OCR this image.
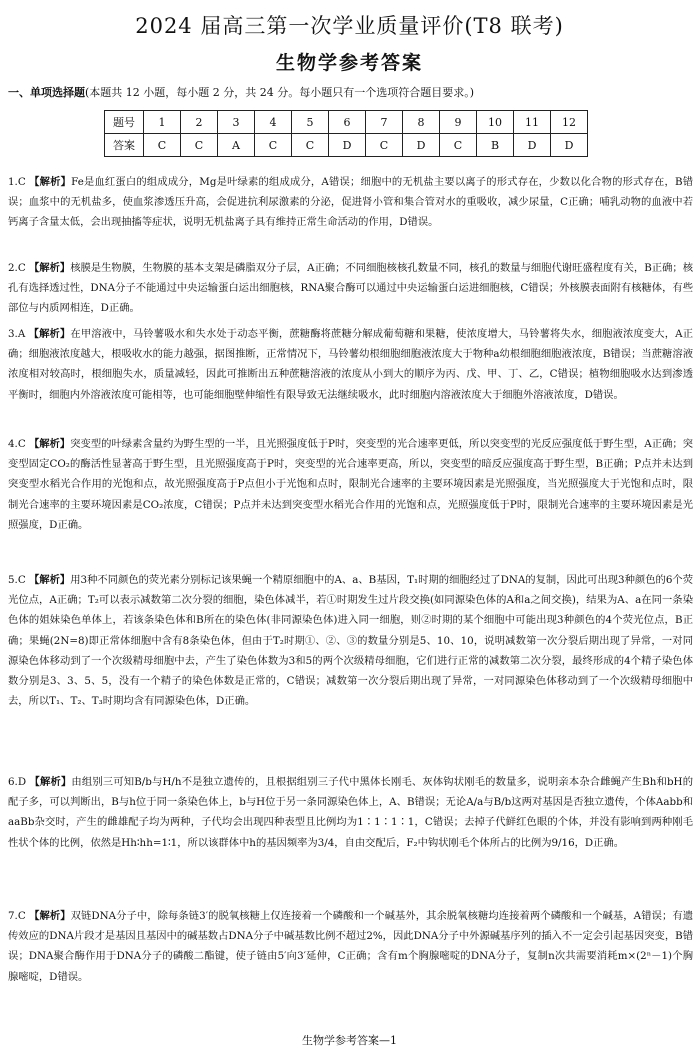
2024 届高三第一次学业质量评价(T8 联考)
生物学参考答案
一、单项选择题(本题共 12 小题，每小题 2 分，共 24 分。每小题只有一个选项符合题目要求。)
题号	1	2	3	4	5	6	7	8	9	10	11	12
答案	C	C	A	C	C	D	C	D	C	B	D	D
1.C 【解析】Fe是血红蛋白的组成成分，Mg是叶绿素的组成成分，A错误；细胞中的无机盐主要以离子的形式存在，少数以化合物的形式存在，B错误；血浆中的无机盐多，使血浆渗透压升高，会促进抗利尿激素的分泌，促进肾小管和集合管对水的重吸收，减少尿量，C正确；哺乳动物的血液中若钙离子含量太低，会出现抽搐等症状，说明无机盐离子具有维持正常生命活动的作用，D错误。
2.C 【解析】核膜是生物膜，生物膜的基本支架是磷脂双分子层，A正确；不同细胞核核孔数量不同，核孔的数量与细胞代谢旺盛程度有关，B正确；核孔有选择透过性，DNA分子不能通过中央运输蛋白运出细胞核，RNA聚合酶可以通过中央运输蛋白运进细胞核，C错误；外核膜表面附有核糖体，有些部位与内质网相连，D正确。
3.A 【解析】在甲溶液中，马铃薯吸水和失水处于动态平衡，蔗糖酶将蔗糖分解成葡萄糖和果糖，使浓度增大，马铃薯将失水，细胞液浓度变大，A正确；细胞液浓度越大，根吸收水的能力越强，据图推断，正常情况下，马铃薯幼根细胞细胞液浓度大于物种a幼根细胞细胞液浓度，B错误；当蔗糖溶液浓度相对较高时，根细胞失水，质量减轻，因此可推断出五种蔗糖溶液的浓度从小到大的顺序为丙、戊、甲、丁、乙，C错误；植物细胞吸水达到渗透平衡时，细胞内外溶液浓度可能相等，也可能细胞壁伸缩性有限导致无法继续吸水，此时细胞内溶液浓度大于细胞外溶液浓度，D错误。
4.C 【解析】突变型的叶绿素含量约为野生型的一半，且光照强度低于P时，突变型的光合速率更低，所以突变型的光反应强度低于野生型，A正确；突变型固定CO₂的酶活性显著高于野生型，且光照强度高于P时，突变型的光合速率更高，所以，突变型的暗反应强度高于野生型，B正确；P点并未达到突变型水稻光合作用的光饱和点，故光照强度高于P点但小于光饱和点时，限制光合速率的主要环境因素是光照强度，当光照强度大于光饱和点时，限制光合速率的主要环境因素是CO₂浓度，C错误；P点并未达到突变型水稻光合作用的光饱和点，光照强度低于P时，限制光合速率的主要环境因素是光照强度，D正确。
5.C 【解析】用3种不同颜色的荧光素分别标记该果蝇一个精原细胞中的A、a、B基因，T₁时期的细胞经过了DNA的复制，因此可出现3种颜色的6个荧光位点，A正确；T₂可以表示减数第二次分裂的细胞，染色体减半，若①时期发生过片段交换(如同源染色体的A和a之间交换)，结果为A、a在同一条染色体的姐妹染色单体上，若该条染色体和B所在的染色体(非同源染色体)进入同一细胞，则②时期的某个细胞中可能出现3种颜色的4个荧光位点，B正确；果蝇(2N=8)即正常体细胞中含有8条染色体，但由于T₂时期①、②、③的数量分别是5、10、10，说明减数第一次分裂后期出现了异常，一对同源染色体移动到了一个次级精母细胞中去，产生了染色体数为3和5的两个次级精母细胞，它们进行正常的减数第二次分裂，最终形成的4个精子染色体数分别是3、3、5、5，没有一个精子的染色体数是正常的，C错误；减数第一次分裂后期出现了异常，一对同源染色体移动到了一个次级精母细胞中去，所以T₁、T₂、T₃时期均含有同源染色体，D正确。
6.D 【解析】由组别三可知B/b与H/h不是独立遗传的，且根据组别三子代中黑体长刚毛、灰体钩状刚毛的数量多，说明亲本杂合雌蝇产生Bh和bH的配子多，可以判断出，B与h位于同一条染色体上，b与H位于另一条同源染色体上，A、B错误；无论A/a与B/b这两对基因是否独立遗传，个体Aabb和aaBb杂交时，产生的雌雄配子均为两种，子代均会出现四种表型且比例均为1∶1∶1∶1，C错误；去掉子代鲜红色眼的个体，并没有影响到两种刚毛性状个体的比例，依然是Hh∶hh=1∶1，所以该群体中h的基因频率为3/4，自由交配后，F₂中钩状刚毛个体所占的比例为9/16，D正确。
7.C 【解析】双链DNA分子中，除每条链3′的脱氧核糖上仅连接着一个磷酸和一个碱基外，其余脱氧核糖均连接着两个磷酸和一个碱基，A错误；有遗传效应的DNA片段才是基因且基因中的碱基数占DNA分子中碱基数比例不超过2%，因此DNA分子中外源碱基序列的插入不一定会引起基因突变，B错误；DNA聚合酶作用于DNA分子的磷酸二酯键，使子链由5′向3′延伸，C正确；含有m个胸腺嘧啶的DNA分子，复制n次共需要消耗m×(2ⁿ－1)个胸腺嘧啶，D错误。
生物学参考答案—1
